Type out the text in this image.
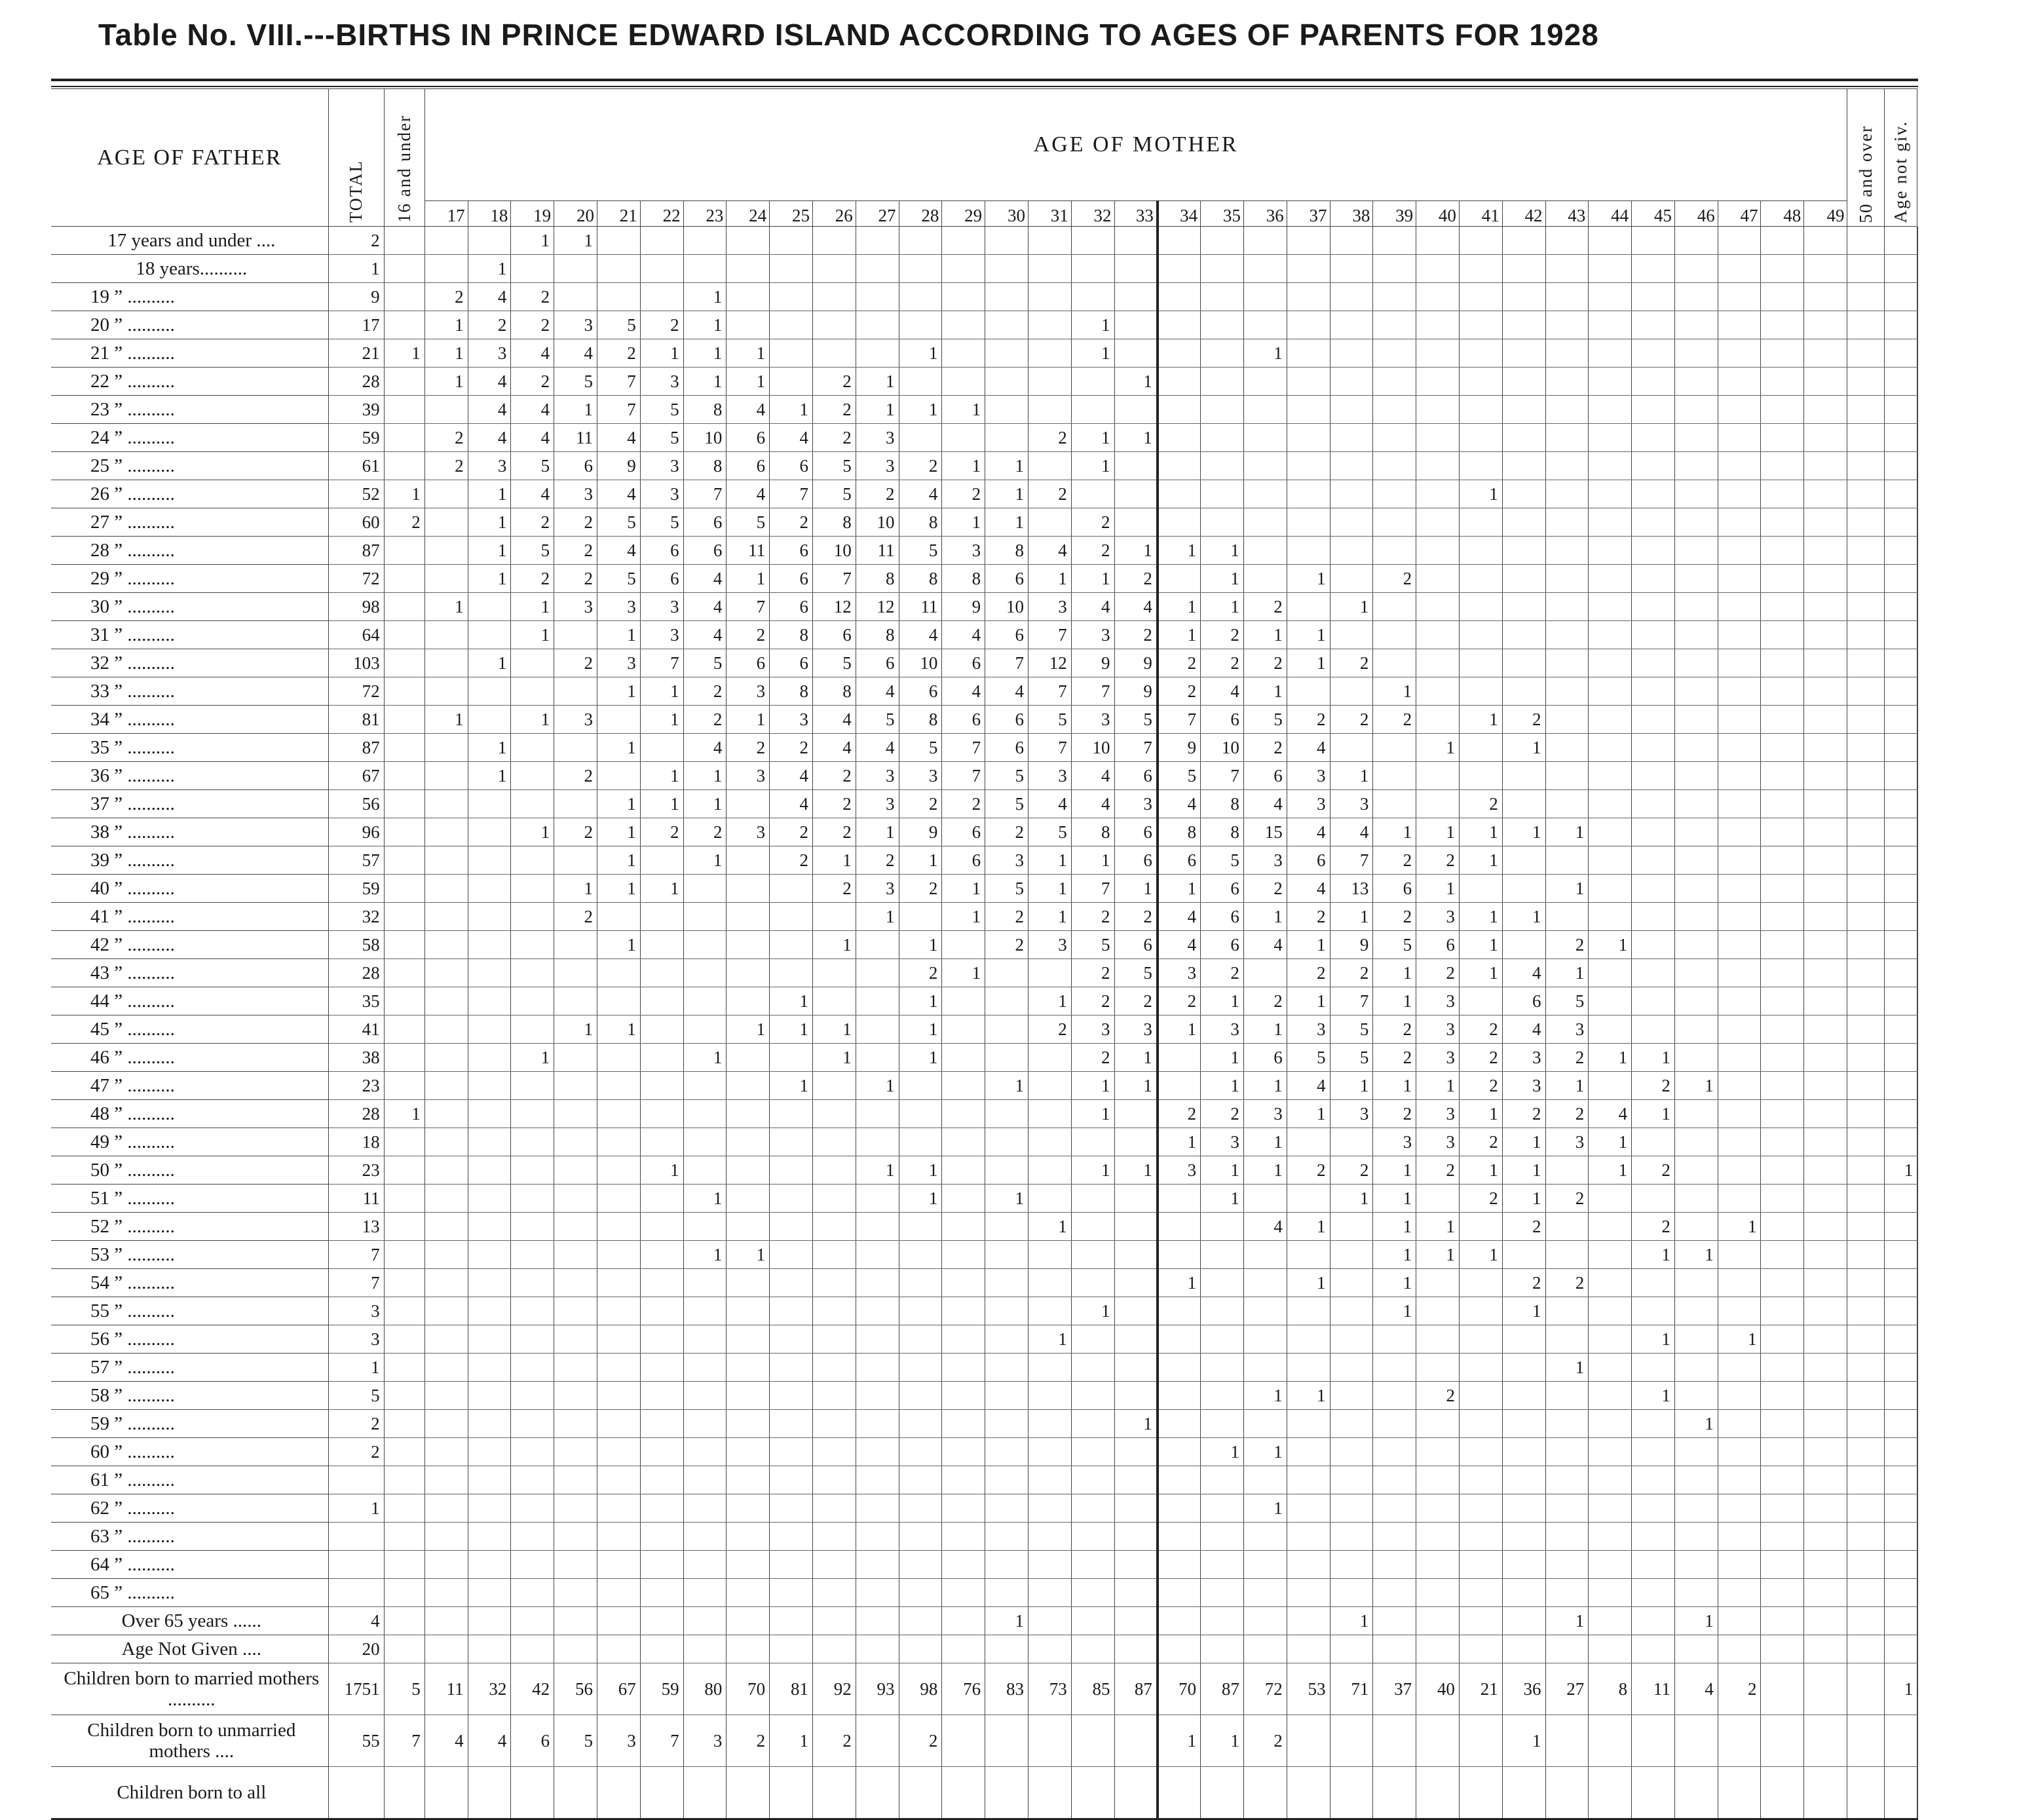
Table No. VIII.---BIRTHS IN PRINCE EDWARD ISLAND ACCORDING TO AGES OF PARENTS FOR 1928
AGE OF FATHER	TOTAL	16 and under	AGE OF MOTHER																																	50 and over	Age not giv.	
			17	18	19	20	21	22	23	24	25	26	27	28	29	30	31	32	33	34	35	36	37	38	39	40	41	42	43	44	45	46	47	48	49			
17 years and under ....	2				1	1																																
18 years..........	1			1																																		
19 ” ..........	9		2	4	2				1																													
20 ” ..........	17		1	2	2	3	5	2	1									1																				
21 ” ..........	21	1	1	3	4	4	2	1	1	1				1				1				1																
22 ” ..........	28		1	4	2	5	7	3	1	1		2	1						1																			
23 ” ..........	39			4	4	1	7	5	8	4	1	2	1	1	1																							
24 ” ..........	59		2	4	4	11	4	5	10	6	4	2	3				2	1	1																			
25 ” ..........	61		2	3	5	6	9	3	8	6	6	5	3	2	1	1		1																				
26 ” ..........	52	1		1	4	3	4	3	7	4	7	5	2	4	2	1	2										1											
27 ” ..........	60	2		1	2	2	5	5	6	5	2	8	10	8	1	1		2																				
28 ” ..........	87			1	5	2	4	6	6	11	6	10	11	5	3	8	4	2	1	1	1																	
29 ” ..........	72			1	2	2	5	6	4	1	6	7	8	8	8	6	1	1	2		1		1		2													
30 ” ..........	98		1		1	3	3	3	4	7	6	12	12	11	9	10	3	4	4	1	1	2		1														
31 ” ..........	64				1		1	3	4	2	8	6	8	4	4	6	7	3	2	1	2	1	1															
32 ” ..........	103			1		2	3	7	5	6	6	5	6	10	6	7	12	9	9	2	2	2	1	2														
33 ” ..........	72						1	1	2	3	8	8	4	6	4	4	7	7	9	2	4	1			1													
34 ” ..........	81		1		1	3		1	2	1	3	4	5	8	6	6	5	3	5	7	6	5	2	2	2		1	2										
35 ” ..........	87			1			1		4	2	2	4	4	5	7	6	7	10	7	9	10	2	4			1		1										
36 ” ..........	67			1		2		1	1	3	4	2	3	3	7	5	3	4	6	5	7	6	3	1														
37 ” ..........	56						1	1	1		4	2	3	2	2	5	4	4	3	4	8	4	3	3			2											
38 ” ..........	96				1	2	1	2	2	3	2	2	1	9	6	2	5	8	6	8	8	15	4	4	1	1	1	1	1									
39 ” ..........	57						1		1		2	1	2	1	6	3	1	1	6	6	5	3	6	7	2	2	1											
40 ” ..........	59					1	1	1				2	3	2	1	5	1	7	1	1	6	2	4	13	6	1			1									
41 ” ..........	32					2							1		1	2	1	2	2	4	6	1	2	1	2	3	1	1										
42 ” ..........	58						1					1		1		2	3	5	6	4	6	4	1	9	5	6	1		2	1								
43 ” ..........	28													2	1			2	5	3	2		2	2	1	2	1	4	1									
44 ” ..........	35										1			1			1	2	2	2	1	2	1	7	1	3		6	5									
45 ” ..........	41					1	1			1	1	1		1			2	3	3	1	3	1	3	5	2	3	2	4	3									
46 ” ..........	38				1				1			1		1				2	1		1	6	5	5	2	3	2	3	2	1	1							
47 ” ..........	23										1		1			1		1	1		1	1	4	1	1	1	2	3	1		2	1						
48 ” ..........	28	1																1		2	2	3	1	3	2	3	1	2	2	4	1							
49 ” ..........	18																			1	3	1			3	3	2	1	3	1								
50 ” ..........	23							1					1	1				1	1	3	1	1	2	2	1	2	1	1		1	2						1	
51 ” ..........	11								1					1		1					1			1	1		2	1	2									
52 ” ..........	13																1					4	1		1	1		2			2		1					
53 ” ..........	7								1	1															1	1	1				1	1						
54 ” ..........	7																			1			1		1			2	2									
55 ” ..........	3																	1							1			1										
56 ” ..........	3																1														1		1					
57 ” ..........	1																												1									
58 ” ..........	5																					1	1			2					1							
59 ” ..........	2																		1													1						
60 ” ..........	2																				1	1																
61 ” ..........																																						
62 ” ..........	1																					1																
63 ” ..........																																						
64 ” ..........																																						
65 ” ..........																																						
Over 65 years ......	4															1								1					1			1						
Age Not Given ....	20																																					
Children born to married mothers ..........	1751	5	11	32	42	56	67	59	80	70	81	92	93	98	76	83	73	85	87	70	87	72	53	71	37	40	21	36	27	8	11	4	2				1	
Children born to unmarried mothers ....	55	7	4	4	6	5	3	7	3	2	1	2		2						1	1	2						1										
Children born to all																																						
